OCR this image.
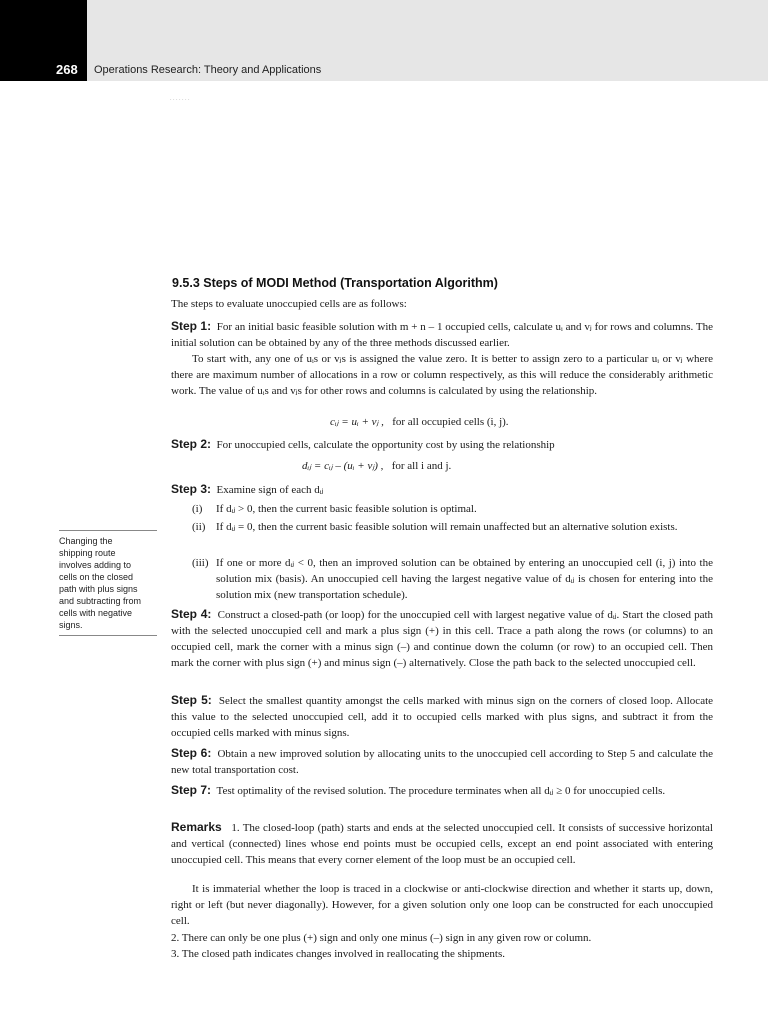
268 Operations Research: Theory and Applications
. . . . . . .
9.5.3 Steps of MODI Method (Transportation Algorithm)

The steps to evaluate unoccupied cells are as follows:

Step 1: For an initial basic feasible solution with m + n – 1 occupied cells, calculate uᵢ and vⱼ for rows and columns. The initial solution can be obtained by any of the three methods discussed earlier.

To start with, any one of uᵢs or vⱼs is assigned the value zero. It is better to assign zero to a particular uᵢ or vⱼ where there are maximum number of allocations in a row or column respectively, as this will reduce the considerably arithmetic work. The value of uᵢs and vⱼs for other rows and columns is calculated by using the relationship.

cᵢⱼ = uᵢ + vⱼ , for all occupied cells (i, j).

Step 2: For unoccupied cells, calculate the opportunity cost by using the relationship

dᵢⱼ = cᵢⱼ – (uᵢ + vⱼ) , for all i and j.

Step 3: Examine sign of each dᵢⱼ

(i)	If dᵢⱼ > 0, then the current basic feasible solution is optimal.
(ii) If dᵢⱼ = 0, then the current basic feasible solution will remain unaffected but an alternative solution exists.
(iii) If one or more dᵢⱼ < 0, then an improved solution can be obtained by entering an unoccupied cell (i, j) into the solution mix (basis). An unoccupied cell having the largest negative value of dᵢⱼ is chosen for entering into the solution mix (new transportation schedule).
Changing the
shipping route
involves adding to
cells on the closed
path with plus signs
and subtracting from
cells with negative
signs.

Step 4: Construct a closed-path (or loop) for the unoccupied cell with largest negative value of dᵢⱼ. Start the closed path with the selected unoccupied cell and mark a plus sign (+) in this cell. Trace a path along the rows (or columns) to an occupied cell, mark the corner with a minus sign (–) and continue down the column (or row) to an occupied cell. Then mark the corner with plus sign (+) and minus sign (–) alternatively. Close the path back to the selected unoccupied cell.

Step 5: Select the smallest quantity amongst the cells marked with minus sign on the corners of closed loop. Allocate this value to the selected unoccupied cell, add it to occupied cells marked with plus signs, and subtract it from the occupied cells marked with minus signs.

Step 6: Obtain a new improved solution by allocating units to the unoccupied cell according to Step 5 and calculate the new total transportation cost.

Step 7: Test optimality of the revised solution. The procedure terminates when all dᵢⱼ ≥ 0 for unoccupied cells.

Remarks 1. The closed-loop (path) starts and ends at the selected unoccupied cell. It consists of successive horizontal and vertical (connected) lines whose end points must be occupied cells, except an end point associated with entering unoccupied cell. This means that every corner element of the loop must be an occupied cell.

It is immaterial whether the loop is traced in a clockwise or anti-clockwise direction and whether it starts up, down, right or left (but never diagonally). However, for a given solution only one loop can be constructed for each unoccupied cell.

2. There can only be one plus (+) sign and only one minus (–) sign in any given row or column.

3. The closed path indicates changes involved in reallocating the shipments.
